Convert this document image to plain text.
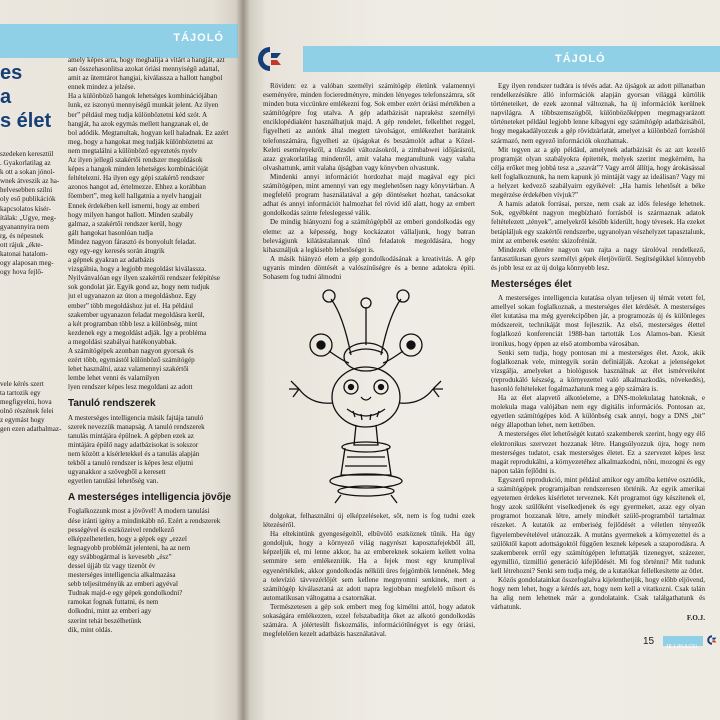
TÁJOLÓ
es
a
s élet
szedeken keresztül
. Gyakorlatilag az
k ott a sokan jónol-
wnek átveszik az ha-
helvesebben szílni
oly eső publikációk
kapcsolatos kísér-
ítálak: „Ugye, meg-
gyanannyira nem
rg, és népesnek
ott rájuk „ékte-
katonai hatalom-
ogy alaposan meg-
ogy hova fejlő-
vele kérés szert
ta tartozik egy
megfigyelni, hova
olnö részének felei
z egymást hogy
gen ezen adatbalmaz-
amely képes arra, hogy meghalija a vitárt a hangját, azt
san összehasonlitsa azokat óriási mennyiségű adattal,
amit az ütemtárot hangjai, kiválassza a hallott hangbol
ennek mindez a jelzése.
Ha a különböző hangok lehetséges kombinációjában
lunk, ez iszonyú mennyiségű munkát jelent. Az ilyen
ber” például meg tudja különböztetni kéd szót. A
hangját, ha azok egymás mellett hangzanak el, de
bol adódik. Megtanultak, hogyan kell haladnak. Ez azért
meg, hogy a hangokat meg tudják különböztetni az
nem megtalálni a különböző egyeztetés nyelv
Az ilyen jellegű szakértői rendszer megoldások
képes a hangok minden lehetséges kombinációját
feltételezni. Ha ilyen egy gépi szakértő rendszer
azonos hangot ad, értelmezze. Ehhez a korábban
föembert”, meg kell hallgatnia a nyelv hangjait
Ennek érdekében kell ismerni, hogy az emberi
hogy milyen hangot hallott. Minden szabály
galmaz, a szakértői rendszer kerül, hogy
gált hangokat hasonlóan tudja
Mindez nagyon fárasztó és bonyolult feladat.
egy egy-egy keresés során átugrik
a gépnek gyakran az adatbázis
vizsgálnia, hogy a legjobb megoldást kiválassza.
Nyilvánvalóan egy ilyen szakértői rendszer felépítése
sok gondolat jár. Egyik gond az, hogy nem tudjuk
jut el ugyanazon az úton a megoldáshoz. Egy
ember” több megoldáshoz jut el. Ha például
szakember ugyanazon feladat megoldásra kerül,
a két programban több lesz a különbség, mint
kezdenek egy a megoldást adják. Így a probléma
a megoldási szabályai hatékonyabbak.
A számítógépek azonban nagyon gyorsak és
ezért több, egymástól különböző számítógép
lehet használni, azaz valamennyi szakértői
lembe lehet venni és valamilyen
lyen rendszer képes lesz megoldani az adott
Tanuló rendszerek
A mesterséges intelligencia másik fajtája tanuló
szerek nevezzük manapság. A tanuló rendszerek
tanulás mintájára épülnek. A gépben ezek az
mintájára épülő nagy adatbázisokat is sokszor
nem között a kísérletekkel és a tanulás alapján
tekből a tanuló rendszer is képes lesz eljutni
ugyanakkor a szövegből a keresett
egyetlen tanulási lehetőség van.
A mesterséges intelligencia jövője
Foglalkozzunk most a jövővel! A modern tanulási
dése iránti igény a mindinkább nő. Ezért a rendszerek
pességével és eszközeivel rendelkező
elképzelhetetlen, hogy a gépek egy „ezzel
legnagyobb problémát jelenteni, ha az nem
egy svábbogármal is kevesebb „ész”
dessel újjáb tíz vagy tizenöt év
mesterséges intelligencia alkalmazása
sebb teljesítményük az emberi agyéval
Tudnak majd-e egy gépek gondolkodni?
ramokat fognak futtatni, és nem
dolkodni, mint az emberi agy
szerint tehát beszélhetünk
dik, mint oldás.
TÁJOLÓ

Röviden: ez a valóban személyi számítógép életünk valamennyi eseményére, minden focieredményre, minden lényeges telefonszámra, sőt minden buta viccünkre emlékezni fog. Sok ember ezért óriási mértékben a számítógépre fog utalva. A gép adatbázisát naprakész személyi enciklopédiaként használhatjuk majd. A gép rendelet, felkelthet reggel, figyelheti az autónk által megtett távolságot, emlékezhet barátaink telefonszámára, figyelheti az újságokat és beszámolót adhat a Közel-Keleti eseményekről, a tőzsdei változásokról, a zimbabwei időjárásról, azaz gyakorlatilag mindenről, amit valaha megtanultunk vagy valaha olvashattunk, amit valaha újságban vagy könyvben olvastunk.

Mindenki annyi információt hordozhat majd magával egy pici számítógépen, mint amennyi van egy meglehetősen nagy könyvtárban. A megfelelő program használatával a gép döntéseket hozhat, tanácsokat adhat és annyi információt halmozhat fel rövid idő alatt, hogy az embert gondolkodás szinte feleslegessé válik.

De mindig hiányozni fog a számítógépből az emberi gondolkodás egy eleme: az a képesség, hogy kockázatot vállaljunk, hogy batran belevágjunk kilátástalannak tűnő feladatok megoldására, hogy kihasználjuk a legkisebb lehetőséget is.

A másik hiányzó elem a gép gondolkodásának a kreativitás. A gép ugyanis minden döntését a valószínűségre és a benne adatokra építi. Sohasem fog tudni álmodni

dolgokat, felhasználni új elképzeléseket, sőt, nem is fog tudni ezek létezéséről.

Ha eltekintünk gyengeségeitől, elbűvölő eszköznek tűnik. Ha úgy gondoljuk, hogy a környező világ nagyrészt kaposztafejekből áll, képzeljük el, mi lenne akkor, ha az embereknek sokaiem kellett volna semmire sem emlékezniük. Ha a fejek most egy krumplival egyenértékűek, akkor gondolkodás nélküli üres fejgömbök lennének. Meg a televízió távvezérlőjét sem kellene megnyomni senkinek, mert a számítógép kiválasztaná az adott napra legjobban megfelelő műsort és automatikusan váltogatna a csatornákat.

Természetesen a gép sok embert meg fog kímélni attól, hogy adatok sokaságára emlékezzen, ezzel felszabadítja őket az alkotó gondolkodás számára. A jólértesült fiskozmális, információtűnégyet is egy óriási, megfelelően kezelt adatbázis használatával.

Egy ilyen rendszer tudtára is tévés adat. Az újságok az adott pillanatban rendelkezésükre álló információk alapján gyorsan világgá kürtölik történeteiket, de ezek azonnal változnak, ha új információk kerülnek napvilágra. A többszemszögből, különbözőképpen megmagyarázott történeteket például legjobb lenne kibagyni egy számítógép adatbázisából, hogy megakadályozzuk a gép rövidzárlatát, amelyet a különböző forrásból származó, nem egyező információk okozhatnak.

Mit tegyen az a gép például, amelynek adatbázisát és az azt kezelő programját olyan szabályokra építették, melyek szerint megkérném, ha célja erőket meg jobbá tesz a „szavát”? Vagy arról állítja, hogy árokásással kell foglalkoznunk, ha nem kapunk jó mintáját vagy az ideálisan? Vagy mi a helyzet kedvező szabályairn egyikével: „Ha hamis lehetősét a béke megérzése érdekében vívjuk?”

A hamis adatok forrásai, persze, nem csak az idős felesége lehetnek. Sok, egyébként nagyon megbízható forrásból is származnak adatok feltételezett „tények”, amelyekről később kiderült, hogy tévesek. Ha ezeket betápláljuk egy szakértői rendszerbe, ugyanolyan vészhelyzet tapasztalunk, mint az emberek esetén: skizofréniát.

Mindezek ellenére nagyon van rajta a nagy tárolóval rendelkező, fantasztikusan gyors személyi gépek életjövőiről. Segítségükkel könnyebb és jobb lesz ez az új dolga könnyebb lesz.

Mesterséges élet

A mesterséges intelligencia kutatása olyan teljesen új témát vetett fel, amellyel sokan foglalkoznak, a mesterséges élet kérdését. A mesterséges élet kutatása ma még gyerekcipőben jár, a programozás új és különleges módszereit, technikáját most fejlesztik. Az első, mesterséges élettel foglalkozó konferenciát 1988-ban tartották Los Alamos-ban. Kiesit ironikus, hogy éppen az első atombomba városában.

Senki sem tudja, hogy pontosan mi a mesterséges élet. Azok, akik foglalkoznak vele, mintegyik során definiálják. Azokat a jelenségeket vizsgálja, amelyeket a biológusok használnak az élet ismérveiként (reprodukáló készség, a környezettel való alkalmazkodás, növekedés), hasonló feltételeket fogalmazhatunk meg a gép számára is.

Ha az élet alapvető alkotóeleme, a DNS-molekulatag hatoknak, e molekula maga valójában nem egy digitális információs. Pontosan az, egyetlen számítógépes kód. A különbség csak annyi, hogy a DNS „bit” négy állapotban lehet, nem kettőben.

A mesterséges élet lehetőségét kutató szakemberek szerint, hogy egy élő elektronikus szervezet hozzanak létre. Hangsúlyozzuk újra, hogy nem mesterséges tudatot, csak mesterséges életet. Ez a szervezet képes lesz magát reprodukálni, a környezetéhez alkalmazkodni, nőni, mozogni és egy napon talán fejlődni is.

Egyszerű reprodukció, mint például amikor egy amőba kettéve osztódik, a számítógépek programjaiban rendszeresen történik. Az egyik amerikai egyetemen érdekes kísérletet terveznek. Két programot úgy készítenek el, hogy azok szülőként viselkedjenek és egy gyermeket, azaz egy olyan programot hozzanak létre, amely mindkét szülő-programból tartalmaz részeket. A kutatók az emberiség fejlődését a véletlen tényezők figyelembevételével utánozzák. A mutáns gyermekek a környezettel és a szülőktől kapott adottságoktól függően lesznek képesek a szaporodásra. A szakemberek erről egy számítógépen lefuttatják tizenegyet, százezer, egymillió, tízmillió generáció kifejlődését. Mi fog történni? Mit tudunk kell létrehozni? Senki sem tudja még, de a kutatókat fellelkesítette az ötlet.

Közös gondolatainkat összefoglalva kijelenthetjük, hogy előbb eljövend, hogy nem lehet, hogy a kérdés azt, hogy nem kell a vitatkozni. Csak talán ha alig nem lehetnek már a gondolataink. Csak találgathatunk és várhatunk.

F.O.J.
15	18 1 (KULCS)
